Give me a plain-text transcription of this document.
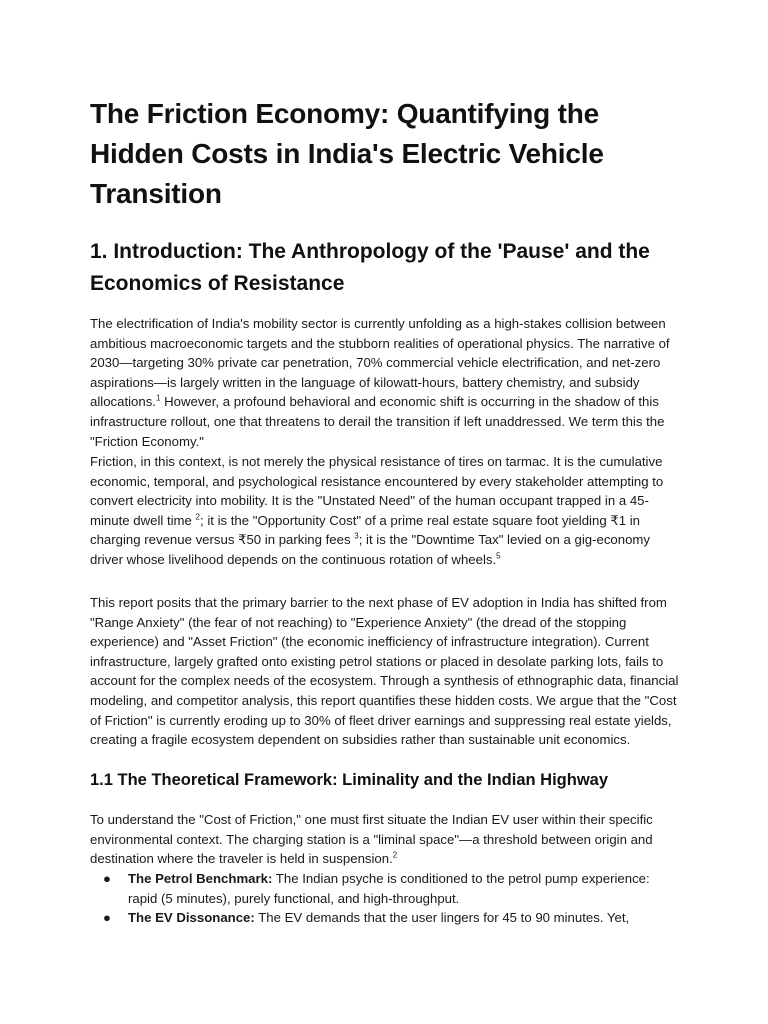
The Friction Economy: Quantifying the Hidden Costs in India's Electric Vehicle Transition
1. Introduction: The Anthropology of the 'Pause' and the Economics of Resistance

The electrification of India's mobility sector is currently unfolding as a high-stakes collision between ambitious macroeconomic targets and the stubborn realities of operational physics. The narrative of 2030—targeting 30% private car penetration, 70% commercial vehicle electrification, and net-zero aspirations—is largely written in the language of kilowatt-hours, battery chemistry, and subsidy allocations.$^1$ However, a profound behavioral and economic shift is occurring in the shadow of this infrastructure rollout, one that threatens to derail the transition if left unaddressed. We term this the "Friction Economy."

Friction, in this context, is not merely the physical resistance of tires on tarmac. It is the cumulative economic, temporal, and psychological resistance encountered by every stakeholder attempting to convert electricity into mobility. It is the "Unstated Need" of the human occupant trapped in a 45-minute dwell time $^2$; it is the "Opportunity Cost" of a prime real estate square foot yielding ₹1 in charging revenue versus ₹50 in parking fees $^3$; it is the "Downtime Tax" levied on a gig-economy driver whose livelihood depends on the continuous rotation of wheels.$^5$

This report posits that the primary barrier to the next phase of EV adoption in India has shifted from "Range Anxiety" (the fear of not reaching) to "Experience Anxiety" (the dread of the stopping experience) and "Asset Friction" (the economic inefficiency of infrastructure integration). Current infrastructure, largely grafted onto existing petrol stations or placed in desolate parking lots, fails to account for the complex needs of the ecosystem. Through a synthesis of ethnographic data, financial modeling, and competitor analysis, this report quantifies these hidden costs. We argue that the "Cost of Friction" is currently eroding up to 30% of fleet driver earnings and suppressing real estate yields, creating a fragile ecosystem dependent on subsidies rather than sustainable unit economics.

1.1 The Theoretical Framework: Liminality and the Indian Highway

To understand the "Cost of Friction," one must first situate the Indian EV user within their specific environmental context. The charging station is a "liminal space"—a threshold between origin and destination where the traveler is held in suspension.$^2$

● The Petrol Benchmark: The Indian psyche is conditioned to the petrol pump experience: rapid (5 minutes), purely functional, and high-throughput.
● The EV Dissonance: The EV demands that the user lingers for 45 to 90 minutes. Yet,
